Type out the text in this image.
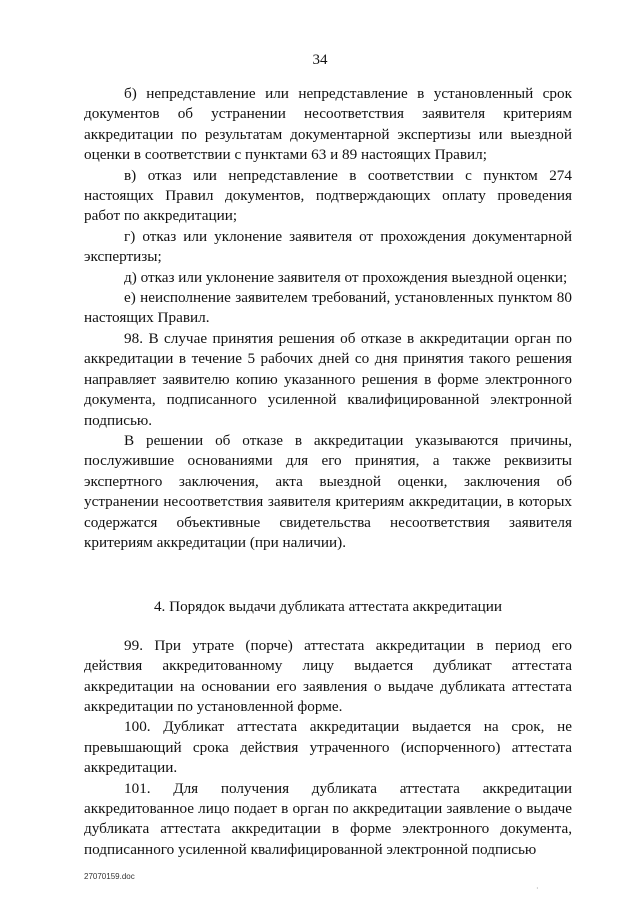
34

б) непредставление или непредставление в установленный срок документов об устранении несоответствия заявителя критериям аккредитации по результатам документарной экспертизы или выездной оценки в соответствии с пунктами 63 и 89 настоящих Правил;

в) отказ или непредставление в соответствии с пунктом 274 настоящих Правил документов, подтверждающих оплату проведения работ по аккредитации;

г) отказ или уклонение заявителя от прохождения документарной экспертизы;

д) отказ или уклонение заявителя от прохождения выездной оценки;

е) неисполнение заявителем требований, установленных пунктом 80 настоящих Правил.

98. В случае принятия решения об отказе в аккредитации орган по аккредитации в течение 5 рабочих дней со дня принятия такого решения направляет заявителю копию указанного решения в форме электронного документа, подписанного усиленной квалифицированной электронной подписью.

В решении об отказе в аккредитации указываются причины, послужившие основаниями для его принятия, а также реквизиты экспертного заключения, акта выездной оценки, заключения об устранении несоответствия заявителя критериям аккредитации, в которых содержатся объективные свидетельства несоответствия заявителя критериям аккредитации (при наличии).

4. Порядок выдачи дубликата аттестата аккредитации

99. При утрате (порче) аттестата аккредитации в период его действия аккредитованному лицу выдается дубликат аттестата аккредитации на основании его заявления о выдаче дубликата аттестата аккредитации по установленной форме.

100. Дубликат аттестата аккредитации выдается на срок, не превышающий срока действия утраченного (испорченного) аттестата аккредитации.

101. Для получения дубликата аттестата аккредитации аккредитованное лицо подает в орган по аккредитации заявление о выдаче дубликата аттестата аккредитации в форме электронного документа, подписанного усиленной квалифицированной электронной подписью

27070159.doc
·
